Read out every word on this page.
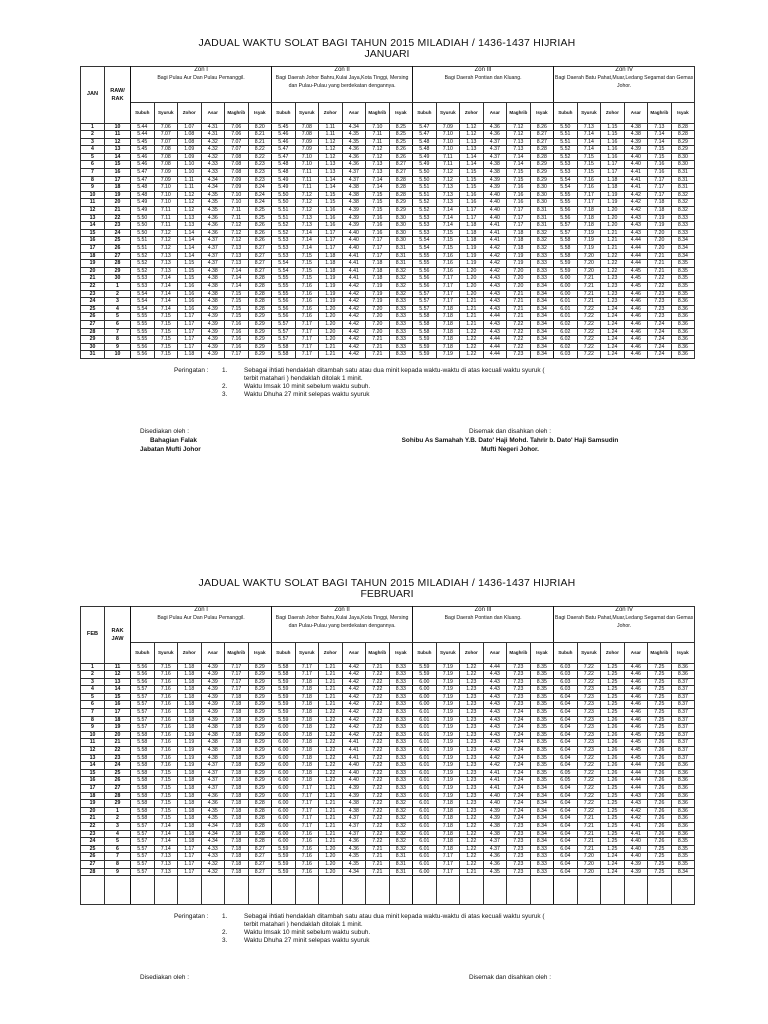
JADUAL WAKTU SOLAT BAGI TAHUN 2015 MILADIAH / 1436-1437 HIJRIAH
JANUARI
JAN	RAW/ RAK	Zon I						Zon II						Zon III						Zon IV					
		Bagi Pulau Aur Dan Pulau Pemanggil.						Bagi Daerah Johor Bahru,Kulai Jaya,Kota Tinggi, Mersing dan Pulau-Pulau yang berdekatan dengannya.						Bagi Daerah Pontian dan Kluang.						Bagi Daerah Batu Pahat,Muar,Ledang Segamat dan Gemas Johor.					
		Subuh	Syuruk	Zohor	Asar	Maghrib	Isyak	Subuh	Syuruk	Zohor	Asar	Maghrib	Isyak	Subuh	Syuruk	Zohor	Asar	Maghrib	Isyak	Subuh	Syuruk	Zohor	Asar	Maghrib	Isyak
1	10	5.44	7.06	1.07	4.31	7.06	8.20	5.45	7.08	1.11	4.34	7.10	8.25	5.47	7.09	1.12	4.36	7.12	8.26	5.50	7.13	1.15	4.38	7.13	8.28
2	11	5.44	7.07	1.08	4.31	7.06	8.21	5.46	7.08	1.11	4.35	7.11	8.25	5.47	7.10	1.12	4.36	7.12	8.27	5.51	7.14	1.15	4.38	7.14	8.28
3	12	5.45	7.07	1.08	4.32	7.07	8.21	5.46	7.09	1.12	4.35	7.11	8.25	5.48	7.10	1.13	4.37	7.13	8.27	5.51	7.14	1.16	4.39	7.14	8.29
4	13	5.45	7.08	1.09	4.32	7.07	8.22	5.47	7.09	1.12	4.36	7.12	8.26	5.48	7.10	1.13	4.37	7.13	8.28	5.52	7.14	1.16	4.39	7.15	8.29
5	14	5.46	7.08	1.09	4.32	7.08	8.22	5.47	7.10	1.12	4.36	7.12	8.26	5.49	7.11	1.14	4.37	7.14	8.28	5.52	7.15	1.16	4.40	7.15	8.30
6	15	5.46	7.08	1.10	4.33	7.08	8.23	5.48	7.10	1.13	4.36	7.13	8.27	5.49	7.11	1.14	4.38	7.14	8.29	5.53	7.15	1.17	4.40	7.16	8.30
7	16	5.47	7.09	1.10	4.33	7.08	8.23	5.48	7.11	1.13	4.37	7.13	8.27	5.50	7.12	1.15	4.38	7.15	8.29	5.53	7.15	1.17	4.41	7.16	8.31
8	17	5.47	7.09	1.11	4.34	7.09	8.23	5.49	7.11	1.14	4.37	7.14	8.28	5.50	7.12	1.15	4.39	7.15	8.29	5.54	7.16	1.18	4.41	7.17	8.31
9	18	5.48	7.10	1.11	4.34	7.09	8.24	5.49	7.11	1.14	4.38	7.14	8.28	5.51	7.13	1.15	4.39	7.16	8.30	5.54	7.16	1.18	4.41	7.17	8.31
10	19	5.48	7.10	1.12	4.35	7.10	8.24	5.50	7.12	1.15	4.38	7.15	8.28	5.51	7.13	1.16	4.40	7.16	8.30	5.55	7.17	1.19	4.42	7.17	8.32
11	20	5.49	7.10	1.12	4.35	7.10	8.24	5.50	7.12	1.15	4.38	7.15	8.29	5.52	7.13	1.16	4.40	7.16	8.30	5.55	7.17	1.19	4.42	7.18	8.32
12	21	5.49	7.11	1.12	4.35	7.11	8.25	5.51	7.12	1.16	4.39	7.15	8.29	5.52	7.14	1.17	4.40	7.17	8.31	5.56	7.18	1.20	4.42	7.18	8.32
13	22	5.50	7.11	1.13	4.36	7.11	8.25	5.51	7.13	1.16	4.39	7.16	8.30	5.53	7.14	1.17	4.40	7.17	8.31	5.56	7.18	1.20	4.43	7.19	8.33
14	23	5.50	7.11	1.13	4.36	7.12	8.26	5.52	7.13	1.16	4.39	7.16	8.30	5.53	7.14	1.18	4.41	7.17	8.31	5.57	7.18	1.20	4.43	7.19	8.33
15	24	5.50	7.12	1.14	4.36	7.12	8.26	5.52	7.14	1.17	4.40	7.16	8.30	5.53	7.15	1.18	4.41	7.18	8.32	5.57	7.19	1.21	4.43	7.20	8.33
16	25	5.51	7.12	1.14	4.37	7.12	8.26	5.53	7.14	1.17	4.40	7.17	8.30	5.54	7.15	1.18	4.41	7.18	8.32	5.58	7.19	1.21	4.44	7.20	8.34
17	26	5.51	7.12	1.14	4.37	7.13	8.27	5.53	7.14	1.17	4.40	7.17	8.31	5.54	7.15	1.19	4.42	7.18	8.32	5.58	7.19	1.21	4.44	7.20	8.34
18	27	5.52	7.13	1.14	4.37	7.13	8.27	5.53	7.15	1.18	4.41	7.17	8.31	5.55	7.16	1.19	4.42	7.19	8.33	5.58	7.20	1.22	4.44	7.21	8.34
19	28	5.52	7.13	1.15	4.37	7.13	8.27	5.54	7.15	1.18	4.41	7.18	8.31	5.55	7.16	1.19	4.42	7.19	8.33	5.59	7.20	1.22	4.44	7.21	8.35
20	29	5.52	7.13	1.15	4.38	7.14	8.27	5.54	7.15	1.18	4.41	7.18	8.32	5.56	7.16	1.20	4.42	7.20	8.33	5.59	7.20	1.22	4.45	7.21	8.35
21	30	5.53	7.14	1.15	4.38	7.14	8.28	5.55	7.15	1.19	4.41	7.18	8.32	5.56	7.17	1.20	4.43	7.20	8.33	6.00	7.21	1.23	4.45	7.22	8.35
22	1	5.53	7.14	1.16	4.38	7.14	8.28	5.55	7.16	1.19	4.42	7.19	8.32	5.56	7.17	1.20	4.43	7.20	8.34	6.00	7.21	1.23	4.45	7.22	8.35
23	2	5.54	7.14	1.16	4.38	7.15	8.28	5.55	7.16	1.19	4.42	7.19	8.32	5.57	7.17	1.20	4.43	7.21	8.34	6.00	7.21	1.23	4.46	7.23	8.35
24	3	5.54	7.14	1.16	4.38	7.15	8.28	5.56	7.16	1.19	4.42	7.19	8.33	5.57	7.17	1.21	4.43	7.21	8.34	6.01	7.21	1.23	4.46	7.23	8.36
25	4	5.54	7.14	1.16	4.39	7.15	8.28	5.56	7.16	1.20	4.42	7.20	8.33	5.57	7.18	1.21	4.43	7.21	8.34	6.01	7.22	1.24	4.46	7.23	8.36
26	5	5.55	7.15	1.17	4.39	7.15	8.29	5.56	7.16	1.20	4.42	7.20	8.33	5.58	7.18	1.21	4.44	7.21	8.34	6.01	7.22	1.24	4.46	7.23	8.36
27	6	5.55	7.15	1.17	4.39	7.16	8.29	5.57	7.17	1.20	4.42	7.20	8.33	5.58	7.18	1.21	4.43	7.22	8.34	6.02	7.22	1.24	4.46	7.24	8.36
28	7	5.55	7.15	1.17	4.39	7.16	8.29	5.57	7.17	1.20	4.42	7.20	8.33	5.58	7.18	1.22	4.43	7.22	8.34	6.02	7.22	1.24	4.46	7.24	8.36
29	8	5.55	7.15	1.17	4.39	7.16	8.29	5.57	7.17	1.20	4.42	7.21	8.33	5.59	7.18	1.22	4.44	7.22	8.34	6.02	7.22	1.24	4.46	7.24	8.36
30	9	5.56	7.15	1.17	4.39	7.16	8.29	5.58	7.17	1.21	4.42	7.21	8.33	5.59	7.18	1.22	4.44	7.22	8.34	6.02	7.22	1.24	4.46	7.24	8.36
31	10	5.56	7.15	1.18	4.39	7.17	8.29	5.58	7.17	1.21	4.42	7.21	8.33	5.59	7.19	1.22	4.44	7.23	8.34	6.03	7.22	1.24	4.46	7.24	8.36
Peringatan : 1.	Sebagai ihtiati hendaklah ditambah satu atau dua minit kepada waktu-waktu di atas kecuali waktu syuruk ( terbit matahari ) hendaklah ditolak 1 minit.
2.	Waktu Imsak 10 minit sebelum waktu subuh.
3.	Waktu Dhuha 27 minit selepas waktu syuruk
Disediakan oleh :
Bahagian Falak
Jabatan Mufti Johor
Disemak dan disahkan oleh :
Sohibu As Samahah Y.B. Dato' Haji Mohd. Tahrir b. Dato' Haji Samsudin
Mufti Negeri Johor.
JADUAL WAKTU SOLAT BAGI TAHUN 2015 MILADIAH / 1436-1437 HIJRIAH
FEBRUARI
FEB	RAK JAW	Zon I						Zon II						Zon III						Zon IV					
		Bagi Pulau Aur Dan Pulau Pemanggil.						Bagi Daerah Johor Bahru,Kulai Jaya,Kota Tinggi, Mersing dan Pulau-Pulau yang berdekatan dengannya.						Bagi Daerah Pontian dan Kluang.						Bagi Daerah Batu Pahat,Muar,Ledang Segamat dan Gemas Johor.					
		Subuh	Syuruk	Zohor	Asar	Maghrib	Isyak	Subuh	Syuruk	Zohor	Asar	Maghrib	Isyak	Subuh	Syuruk	Zohor	Asar	Maghrib	Isyak	Subuh	Syuruk	Zohor	Asar	Maghrib	Isyak
1	11	5.56	7.15	1.18	4.39	7.17	8.29	5.58	7.17	1.21	4.42	7.21	8.33	5.59	7.19	1.22	4.44	7.23	8.35	6.03	7.22	1.25	4.46	7.25	8.36
2	12	5.56	7.16	1.18	4.39	7.17	8.29	5.58	7.17	1.21	4.42	7.22	8.33	5.59	7.19	1.22	4.43	7.23	8.35	6.03	7.22	1.25	4.46	7.25	8.36
3	13	5.56	7.16	1.18	4.39	7.17	8.29	5.59	7.18	1.21	4.42	7.22	8.33	6.00	7.19	1.23	4.43	7.23	8.35	6.03	7.22	1.25	4.46	7.25	8.37
4	14	5.57	7.16	1.18	4.39	7.17	8.29	5.59	7.18	1.21	4.42	7.22	8.33	6.00	7.19	1.23	4.43	7.23	8.35	6.03	7.23	1.25	4.46	7.25	8.37
5	15	5.57	7.16	1.18	4.39	7.18	8.29	5.59	7.18	1.21	4.42	7.22	8.33	6.00	7.19	1.23	4.43	7.23	8.35	6.04	7.23	1.25	4.46	7.25	8.37
6	16	5.57	7.16	1.18	4.39	7.18	8.29	5.59	7.18	1.21	4.42	7.22	8.33	6.00	7.19	1.23	4.43	7.23	8.35	6.04	7.23	1.25	4.46	7.25	8.37
7	17	5.57	7.16	1.18	4.39	7.18	8.29	5.59	7.18	1.22	4.42	7.22	8.33	6.01	7.19	1.23	4.43	7.24	8.35	6.04	7.23	1.25	4.46	7.25	8.37
8	18	5.57	7.16	1.18	4.39	7.18	8.29	5.59	7.18	1.22	4.42	7.22	8.33	6.01	7.19	1.23	4.43	7.24	8.35	6.04	7.23	1.26	4.46	7.25	8.37
9	19	5.57	7.16	1.18	4.38	7.18	8.29	6.00	7.18	1.22	4.42	7.22	8.33	6.01	7.19	1.23	4.43	7.24	8.35	6.04	7.23	1.26	4.46	7.25	8.37
10	20	5.58	7.16	1.19	4.38	7.18	8.29	6.00	7.18	1.22	4.42	7.22	8.33	6.01	7.19	1.23	4.43	7.24	8.35	6.04	7.23	1.26	4.45	7.25	8.37
11	21	5.58	7.16	1.19	4.38	7.18	8.29	6.00	7.18	1.22	4.41	7.22	8.33	6.01	7.19	1.23	4.43	7.24	8.35	6.04	7.23	1.26	4.45	7.26	8.37
12	22	5.58	7.16	1.19	4.38	7.18	8.29	6.00	7.18	1.22	4.41	7.22	8.33	6.01	7.19	1.23	4.42	7.24	8.35	6.04	7.23	1.26	4.45	7.26	8.37
13	23	5.58	7.16	1.19	4.38	7.18	8.29	6.00	7.18	1.22	4.41	7.22	8.33	6.01	7.19	1.23	4.42	7.24	8.35	6.04	7.22	1.26	4.45	7.26	8.37
14	24	5.58	7.16	1.19	4.37	7.18	8.29	6.00	7.18	1.22	4.40	7.22	8.33	6.01	7.19	1.23	4.42	7.24	8.35	6.04	7.22	1.26	4.44	7.26	8.36
15	25	5.58	7.15	1.18	4.37	7.18	8.29	6.00	7.18	1.22	4.40	7.22	8.33	6.01	7.19	1.23	4.41	7.24	8.35	6.05	7.22	1.26	4.44	7.26	8.36
16	26	5.58	7.15	1.18	4.37	7.18	8.29	6.00	7.18	1.22	4.40	7.22	8.33	6.01	7.19	1.23	4.41	7.24	8.35	6.05	7.22	1.26	4.44	7.26	8.36
17	27	5.58	7.15	1.18	4.37	7.18	8.29	6.00	7.17	1.21	4.39	7.22	8.33	6.01	7.19	1.23	4.41	7.24	8.34	6.04	7.22	1.25	4.44	7.26	8.36
18	28	5.58	7.15	1.18	4.36	7.18	8.29	6.00	7.17	1.21	4.39	7.22	8.33	6.01	7.19	1.23	4.40	7.24	8.34	6.04	7.22	1.25	4.43	7.26	8.36
19	29	5.58	7.15	1.18	4.36	7.18	8.28	6.00	7.17	1.21	4.38	7.22	8.32	6.01	7.18	1.23	4.40	7.24	8.34	6.04	7.22	1.25	4.43	7.26	8.36
20	1	5.58	7.15	1.18	4.35	7.18	8.28	6.00	7.17	1.21	4.38	7.22	8.32	6.01	7.18	1.23	4.39	7.24	8.34	6.04	7.22	1.25	4.42	7.26	8.36
21	2	5.58	7.15	1.18	4.35	7.18	8.28	6.00	7.17	1.21	4.37	7.22	8.32	6.01	7.18	1.22	4.39	7.24	8.34	6.04	7.21	1.25	4.42	7.26	8.36
22	3	5.57	7.14	1.18	4.34	7.18	8.28	6.00	7.17	1.21	4.37	7.22	8.32	6.01	7.18	1.22	4.38	7.23	8.34	6.04	7.21	1.25	4.41	7.26	8.36
23	4	5.57	7.14	1.18	4.34	7.18	8.28	6.00	7.16	1.21	4.37	7.22	8.32	6.01	7.18	1.22	4.38	7.23	8.34	6.04	7.21	1.25	4.41	7.26	8.36
24	5	5.57	7.14	1.18	4.34	7.18	8.28	6.00	7.16	1.21	4.36	7.22	8.32	6.01	7.18	1.22	4.37	7.23	8.34	6.04	7.21	1.25	4.40	7.26	8.35
25	6	5.57	7.14	1.17	4.33	7.18	8.27	5.59	7.16	1.20	4.36	7.21	8.32	6.01	7.18	1.22	4.37	7.23	8.33	6.04	7.21	1.25	4.40	7.25	8.35
26	7	5.57	7.13	1.17	4.33	7.18	8.27	5.59	7.16	1.20	4.35	7.21	8.31	6.01	7.17	1.22	4.36	7.23	8.33	6.04	7.20	1.24	4.40	7.25	8.35
27	8	5.57	7.13	1.17	4.32	7.18	8.27	5.59	7.16	1.20	4.35	7.21	8.31	6.01	7.17	1.22	4.36	7.23	8.33	6.04	7.20	1.24	4.39	7.25	8.35
28	9	5.57	7.13	1.17	4.32	7.18	8.27	5.59	7.16	1.20	4.34	7.21	8.31	6.00	7.17	1.21	4.35	7.23	8.33	6.04	7.20	1.24	4.39	7.25	8.34

Peringatan : 1.	Sebagai ihtiati hendaklah ditambah satu atau dua minit kepada waktu-waktu di atas kecuali waktu syuruk ( terbit matahari ) hendaklah ditolak 1 minit.
2.	Waktu Imsak 10 minit sebelum waktu subuh.
3.	Waktu Dhuha 27 minit selepas waktu syuruk
Disediakan oleh :	Disemak dan disahkan oleh :
